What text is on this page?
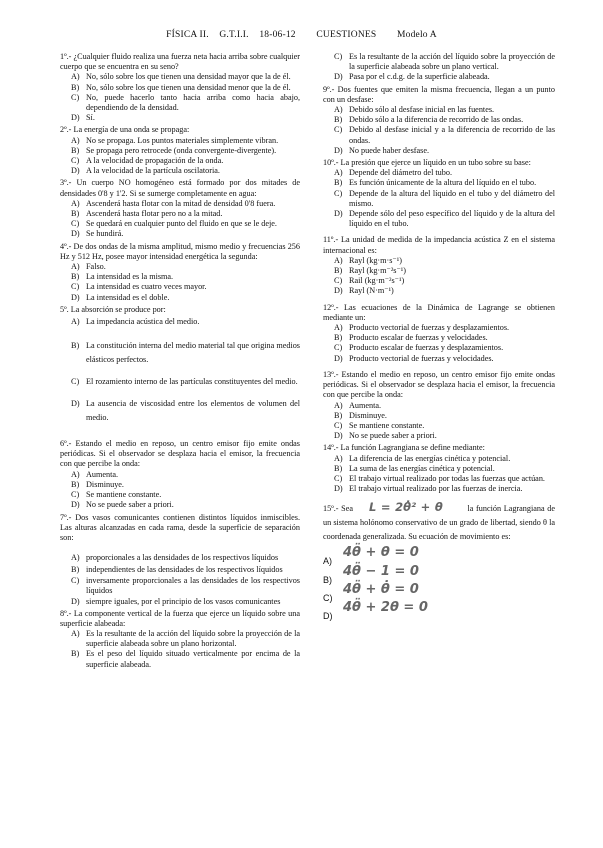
FÍSICA II. G.T.I.I. 18-06-12 CUESTIONES Modelo A
1º.- ¿Cualquier fluido realiza una fuerza neta hacia arriba sobre cualquier cuerpo que se encuentra en su seno?
A) No, sólo sobre los que tienen una densidad mayor que la de él.
B) No, sólo sobre los que tienen una densidad menor que la de él.
C) No, puede hacerlo tanto hacia arriba como hacia abajo, dependiendo de la densidad.
D) Sí.
2º.- La energía de una onda se propaga:
A) No se propaga. Los puntos materiales simplemente vibran.
B) Se propaga pero retrocede (onda convergente-divergente).
C) A la velocidad de propagación de la onda.
D) A la velocidad de la partícula oscilatoria.
3º.- Un cuerpo NO homogéneo está formado por dos mitades de densidades 0'8 y 1'2. Si se sumerge completamente en agua:
A) Ascenderá hasta flotar con la mitad de densidad 0'8 fuera.
B) Ascenderá hasta flotar pero no a la mitad.
C) Se quedará en cualquier punto del fluido en que se le deje.
D) Se hundirá.
4º.- De dos ondas de la misma amplitud, mismo medio y frecuencias 256 Hz y 512 Hz, posee mayor intensidad energética la segunda:
A) Falso.
B) La intensidad es la misma.
C) La intensidad es cuatro veces mayor.
D) La intensidad es el doble.
5º. La absorción se produce por:
A) La impedancia acústica del medio.
B) La constitución interna del medio material tal que origina medios elásticos perfectos.
C) El rozamiento interno de las partículas constituyentes del medio.
D) La ausencia de viscosidad entre los elementos de volumen del medio.
6º.- Estando el medio en reposo, un centro emisor fijo emite ondas periódicas. Si el observador se desplaza hacia el emisor, la frecuencia con que percibe la onda:
A) Aumenta.
B) Disminuye.
C) Se mantiene constante.
D) No se puede saber a priori.
7º.- Dos vasos comunicantes contienen distintos líquidos inmiscibles. Las alturas alcanzadas en cada rama, desde la superficie de separación son:
A) proporcionales a las densidades de los respectivos líquidos
B) independientes de las densidades de los respectivos líquidos
C) inversamente proporcionales a las densidades de los respectivos líquidos
D) siempre iguales, por el principio de los vasos comunicantes
8º.- La componente vertical de la fuerza que ejerce un líquido sobre una superficie alabeada:
A) Es la resultante de la acción del líquido sobre la proyección de la superficie alabeada sobre un plano horizontal.
B) Es el peso del líquido situado verticalmente por encima de la superficie alabeada.
C) Es la resultante de la acción del líquido sobre la proyección de la superficie alabeada sobre un plano vertical.
D) Pasa por el c.d.g. de la superficie alabeada.
9º.- Dos fuentes que emiten la misma frecuencia, llegan a un punto con un desfase:
A) Debido sólo al desfase inicial en las fuentes.
B) Debido sólo a la diferencia de recorrido de las ondas.
C) Debido al desfase inicial y a la diferencia de recorrido de las ondas.
D) No puede haber desfase.
10º.- La presión que ejerce un líquido en un tubo sobre su base:
A) Depende del diámetro del tubo.
B) Es función únicamente de la altura del líquido en el tubo.
C) Depende de la altura del líquido en el tubo y del diámetro del mismo.
D) Depende sólo del peso específico del líquido y de la altura del líquido en el tubo.
11º.- La unidad de medida de la impedancia acústica Z en el sistema internacional es:
A) Rayl (kg·m·s⁻¹)
B) Rayl (kg·m⁻²s⁻¹)
C) Rail (kg·m⁻²s⁻¹)
D) Rayl (N·m⁻¹)
12º.- Las ecuaciones de la Dinámica de Lagrange se obtienen mediante un:
A) Producto vectorial de fuerzas y desplazamientos.
B) Producto escalar de fuerzas y velocidades.
C) Producto escalar de fuerzas y desplazamientos.
D) Producto vectorial de fuerzas y velocidades.
13º.- Estando el medio en reposo, un centro emisor fijo emite ondas periódicas. Si el observador se desplaza hacia el emisor, la frecuencia con que percibe la onda:
A) Aumenta.
B) Disminuye.
C) Se mantiene constante.
D) No se puede saber a priori.
14º.- La función Lagrangiana se define mediante:
A) La diferencia de las energías cinética y potencial.
B) La suma de las energías cinética y potencial.
C) El trabajo virtual realizado por todas las fuerzas que actúan.
D) El trabajo virtual realizado por las fuerzas de inercia.
15º.- Sea L = 2θ̇² + θ	la función Lagrangiana de un sistema holónomo conservativo de un grado de libertad, siendo θ la coordenada generalizada. Su ecuación de movimiento es:
A)
4θ̈ + θ = 0
B)
4θ̈ − 1 = 0
C)
4θ̈ + θ̇ = 0
D)
4θ̈ + 2θ = 0
